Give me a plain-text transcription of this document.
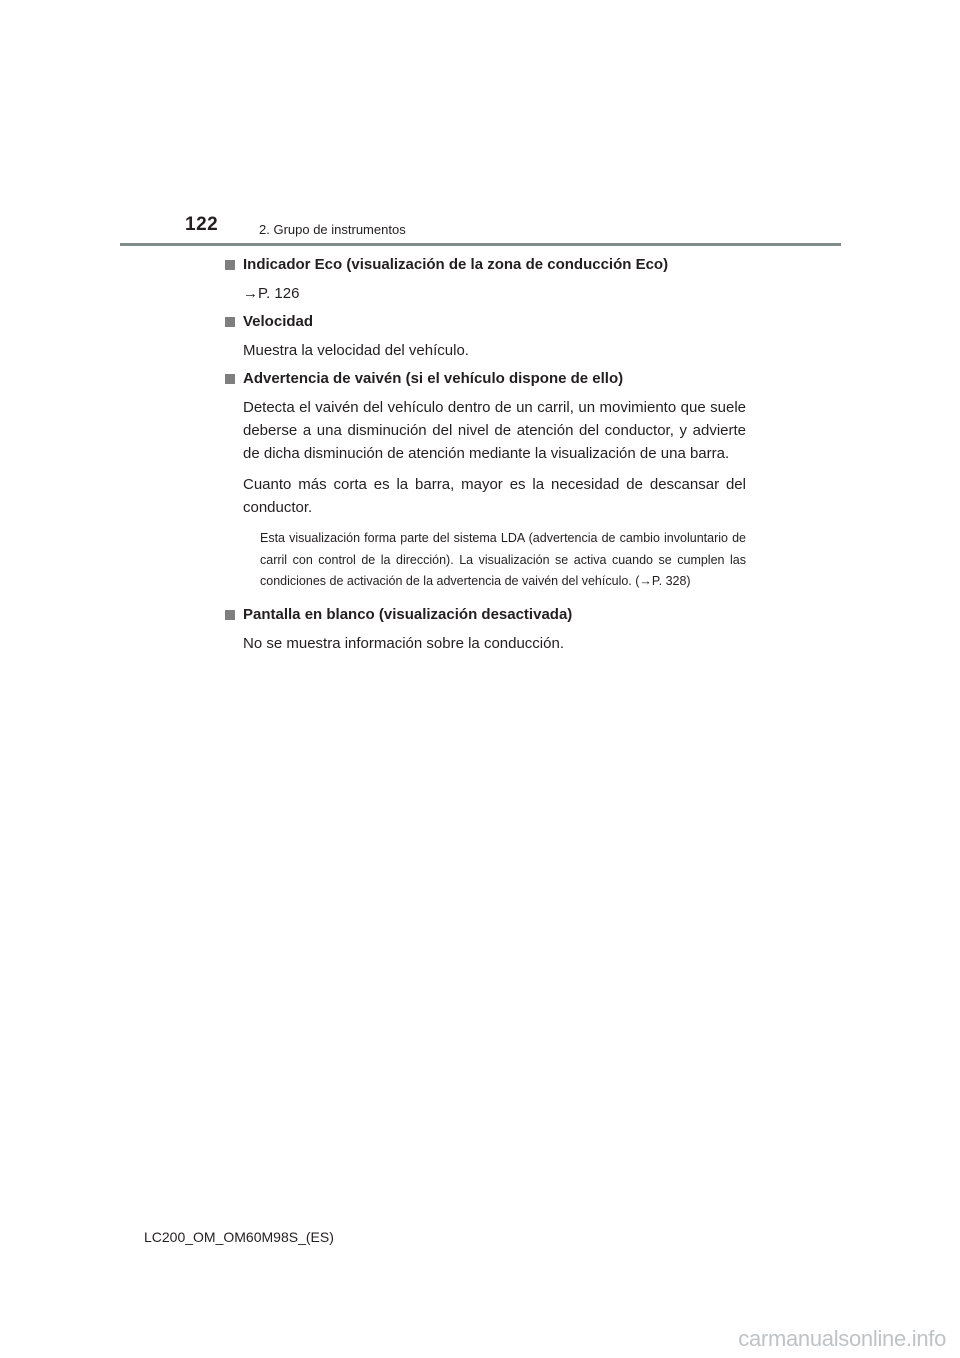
122	2. Grupo de instrumentos
Indicador Eco (visualización de la zona de conducción Eco)
→P. 126
Velocidad
Muestra la velocidad del vehículo.
Advertencia de vaivén (si el vehículo dispone de ello)
Detecta el vaivén del vehículo dentro de un carril, un movimiento que suele deberse a una disminución del nivel de atención del conductor, y advierte de dicha disminución de atención mediante la visualización de una barra.
Cuanto más corta es la barra, mayor es la necesidad de descansar del conductor.
Esta visualización forma parte del sistema LDA (advertencia de cambio involuntario de carril con control de la dirección). La visualización se activa cuando se cumplen las condiciones de activación de la advertencia de vaivén del vehículo. (→P. 328)
Pantalla en blanco (visualización desactivada)
No se muestra información sobre la conducción.
LC200_OM_OM60M98S_(ES)
carmanualsonline.info
